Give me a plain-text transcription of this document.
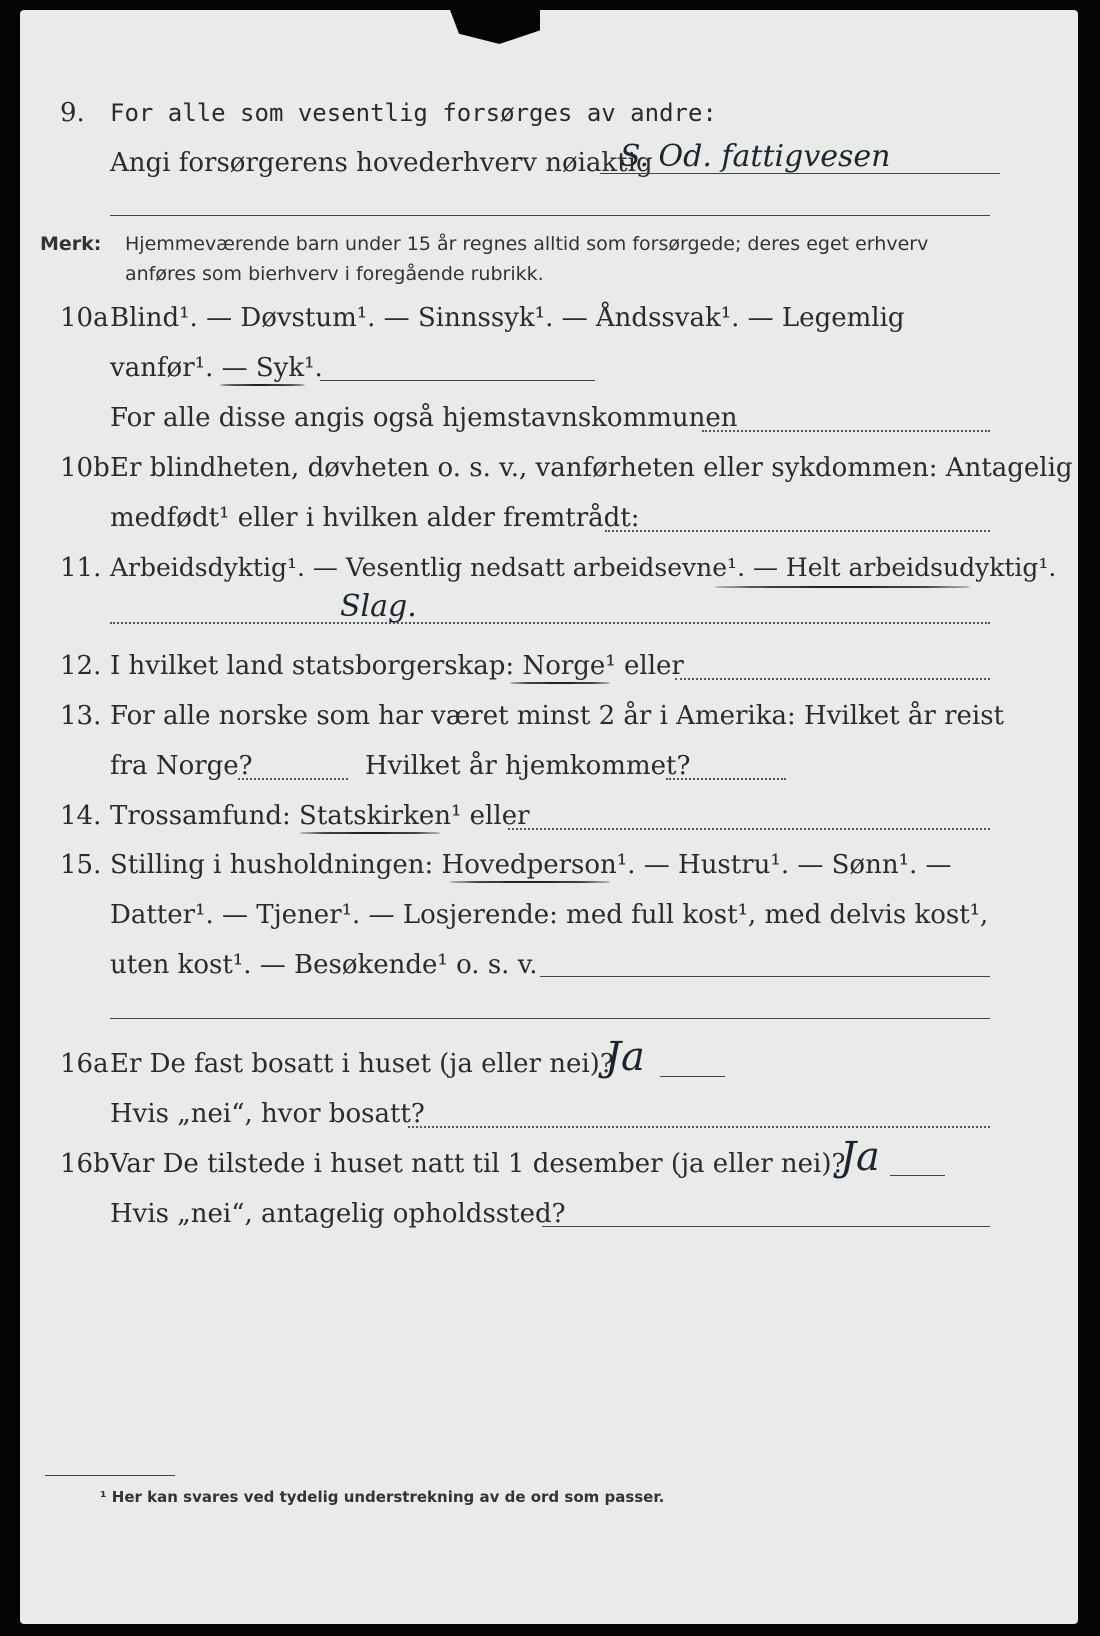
9. For alle som vesentlig forsørges av andre:
Angi forsørgerens hovederhverv nøiaktig
S. Od. fattigvesen
Merk: Hjemmeværende barn under 15 år regnes alltid som forsørgede; deres eget erhverv
anføres som bierhverv i foregående rubrikk.
10a Blind¹. — Døvstum¹. — Sinnssyk¹. — Åndssvak¹. — Legemlig
vanfør¹. — Syk¹.
For alle disse angis også hjemstavnskommunen
10b Er blindheten, døvheten o. s. v., vanførheten eller sykdommen: Antagelig
medfødt¹ eller i hvilken alder fremtrådt:
11. Arbeidsdyktig¹. — Vesentlig nedsatt arbeidsevne¹. — Helt arbeidsudyktig¹.
Slag.
12. I hvilket land statsborgerskap: Norge¹ eller
13. For alle norske som har været minst 2 år i Amerika: Hvilket år reist
fra Norge?	Hvilket år hjemkommet?
14. Trossamfund: Statskirken¹ eller
15. Stilling i husholdningen: Hovedperson¹. — Hustru¹. — Sønn¹. —
Datter¹. — Tjener¹. — Losjerende: med full kost¹, med delvis kost¹,
uten kost¹. — Besøkende¹ o. s. v.
16a Er De fast bosatt i huset (ja eller nei)?
Ja
Hvis „nei“, hvor bosatt?
16b Var De tilstede i huset natt til 1 desember (ja eller nei)?
Ja
Hvis „nei“, antagelig opholdssted?
¹ Her kan svares ved tydelig understrekning av de ord som passer.
